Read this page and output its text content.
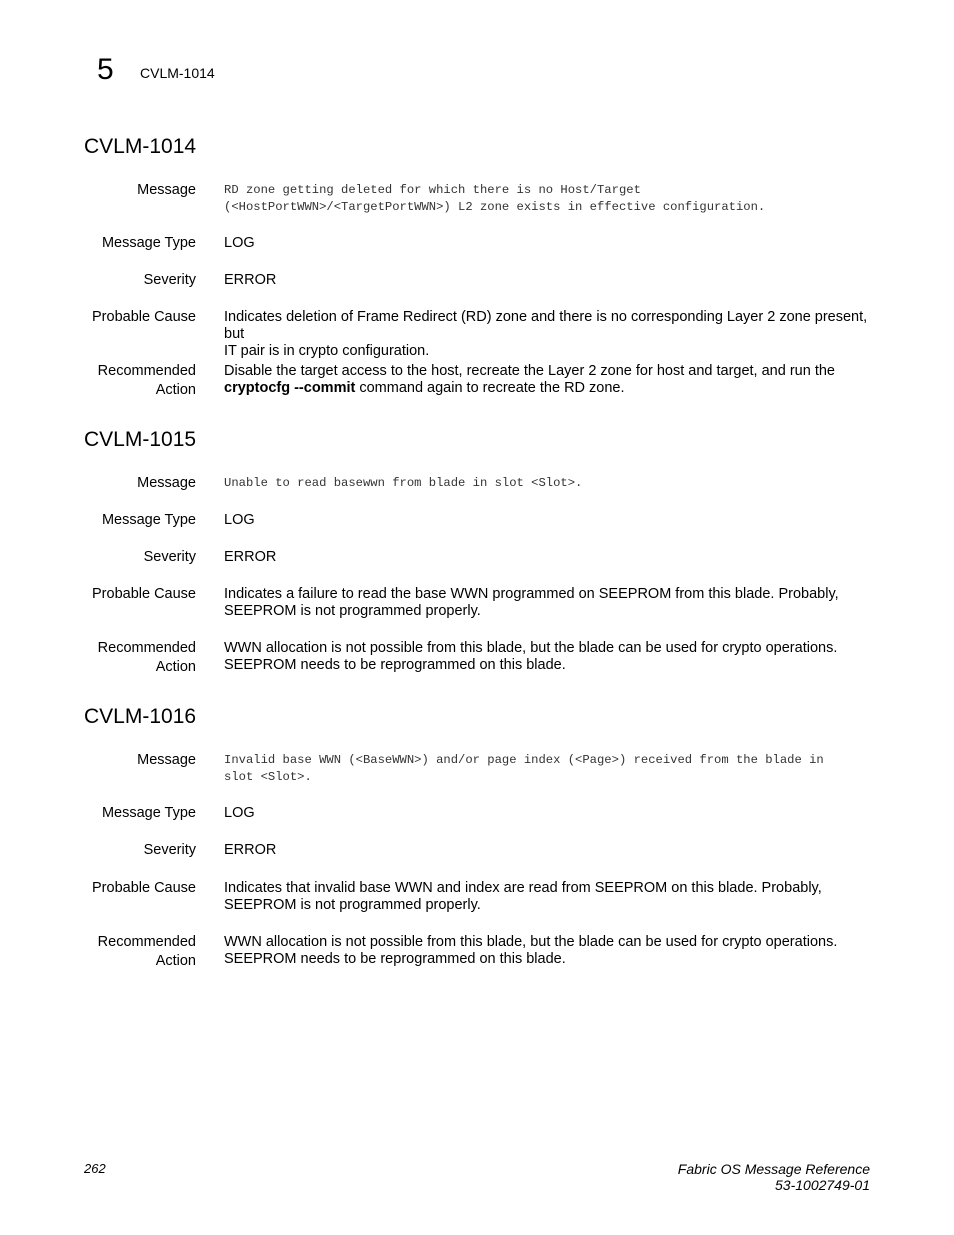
5 CVLM-1014
CVLM-1014
Message RD zone getting deleted for which there is no Host/Target
(<HostPortWWN>/<TargetPortWWN>) L2 zone exists in effective configuration.
Message Type LOG
Severity ERROR
Probable Cause Indicates deletion of Frame Redirect (RD) zone and there is no corresponding Layer 2 zone present, but
IT pair is in crypto configuration.
Recommended
Action
Disable the target access to the host, recreate the Layer 2 zone for host and target, and run the
cryptocfg --commit command again to recreate the RD zone.
CVLM-1015
Message Unable to read basewwn from blade in slot <Slot>.
Message Type LOG
Severity ERROR
Probable Cause Indicates a failure to read the base WWN programmed on SEEPROM from this blade. Probably,
SEEPROM is not programmed properly.
Recommended
Action
WWN allocation is not possible from this blade, but the blade can be used for crypto operations.
SEEPROM needs to be reprogrammed on this blade.
CVLM-1016
Message Invalid base WWN (<BaseWWN>) and/or page index (<Page>) received from the blade in
slot <Slot>.
Message Type LOG
Severity ERROR
Probable Cause Indicates that invalid base WWN and index are read from SEEPROM on this blade. Probably,
SEEPROM is not programmed properly.
Recommended
Action
WWN allocation is not possible from this blade, but the blade can be used for crypto operations.
SEEPROM needs to be reprogrammed on this blade.
262	Fabric OS Message Reference
53-1002749-01
